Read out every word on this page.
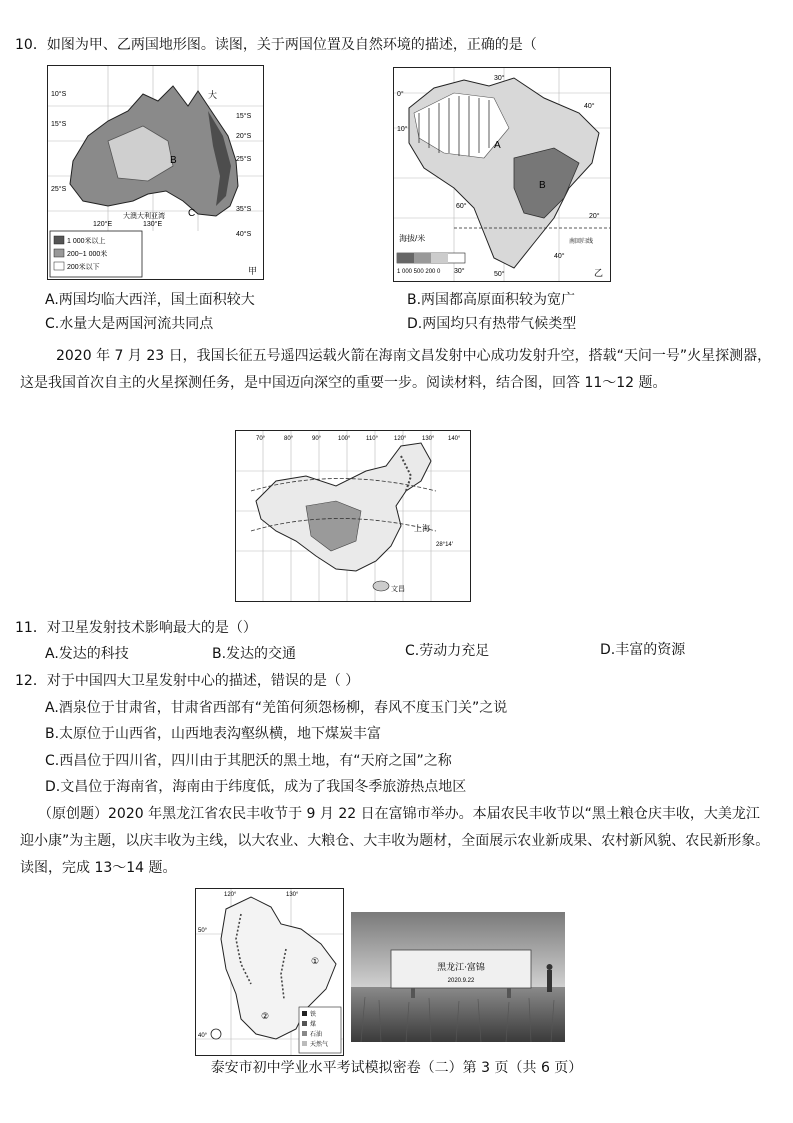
10．如图为甲、乙两国地形图。读图，关于两国位置及自然环境的描述，正确的是（
大
B
C
大澳大利亚湾
15°S
20°S
25°S
35°S
40°S
10°S
15°S
25°S
120°E	130°E
1 000米以上
200~1 000米
200米以下	甲
南回归线
A
B
0°
10°
20°
30°
40°
60°
50°
30°
40°
海拔/米
1 000 500 200 0	乙
A.两国均临大西洋，国土面积较大	B.两国都高原面积较为宽广
C.水量大是两国河流共同点	D.两国均只有热带气候类型
2020 年 7 月 23 日，我国长征五号遥四运载火箭在海南文昌发射中心成功发射升空，搭载“天问一号”火星探测器，这是我国首次自主的火星探测任务，是中国迈向深空的重要一步。阅读材料，结合图，回答 11～12 题。
70°	80°	90°	100°	110°	120°	130° 140°
上海
文昌
28°14′
11．对卫星发射技术影响最大的是（）
A.发达的科技	B.发达的交通	C.劳动力充足	D.丰富的资源
12．对于中国四大卫星发射中心的描述，错误的是（ ）
A.酒泉位于甘肃省，甘肃省西部有“羌笛何须怨杨柳，春风不度玉门关”之说
B.太原位于山西省，山西地表沟壑纵横，地下煤炭丰富
C.西昌位于四川省，四川由于其肥沃的黑土地，有“天府之国”之称
D.文昌位于海南省，海南由于纬度低，成为了我国冬季旅游热点地区
（原创题）2020 年黑龙江省农民丰收节于 9 月 22 日在富锦市举办。本届农民丰收节以“黑土粮仓庆丰收，大美龙江迎小康”为主题，以庆丰收为主线，以大农业、大粮仓、大丰收为题材，全面展示农业新成果、农村新风貌、农民新形象。读图，完成 13～14 题。
120°	130°
50°
40°
①
②	铁
煤
石油
天然气
黑龙江·富锦
2020.9.22
泰安市初中学业水平考试模拟密卷（二）第 3 页（共 6 页）
